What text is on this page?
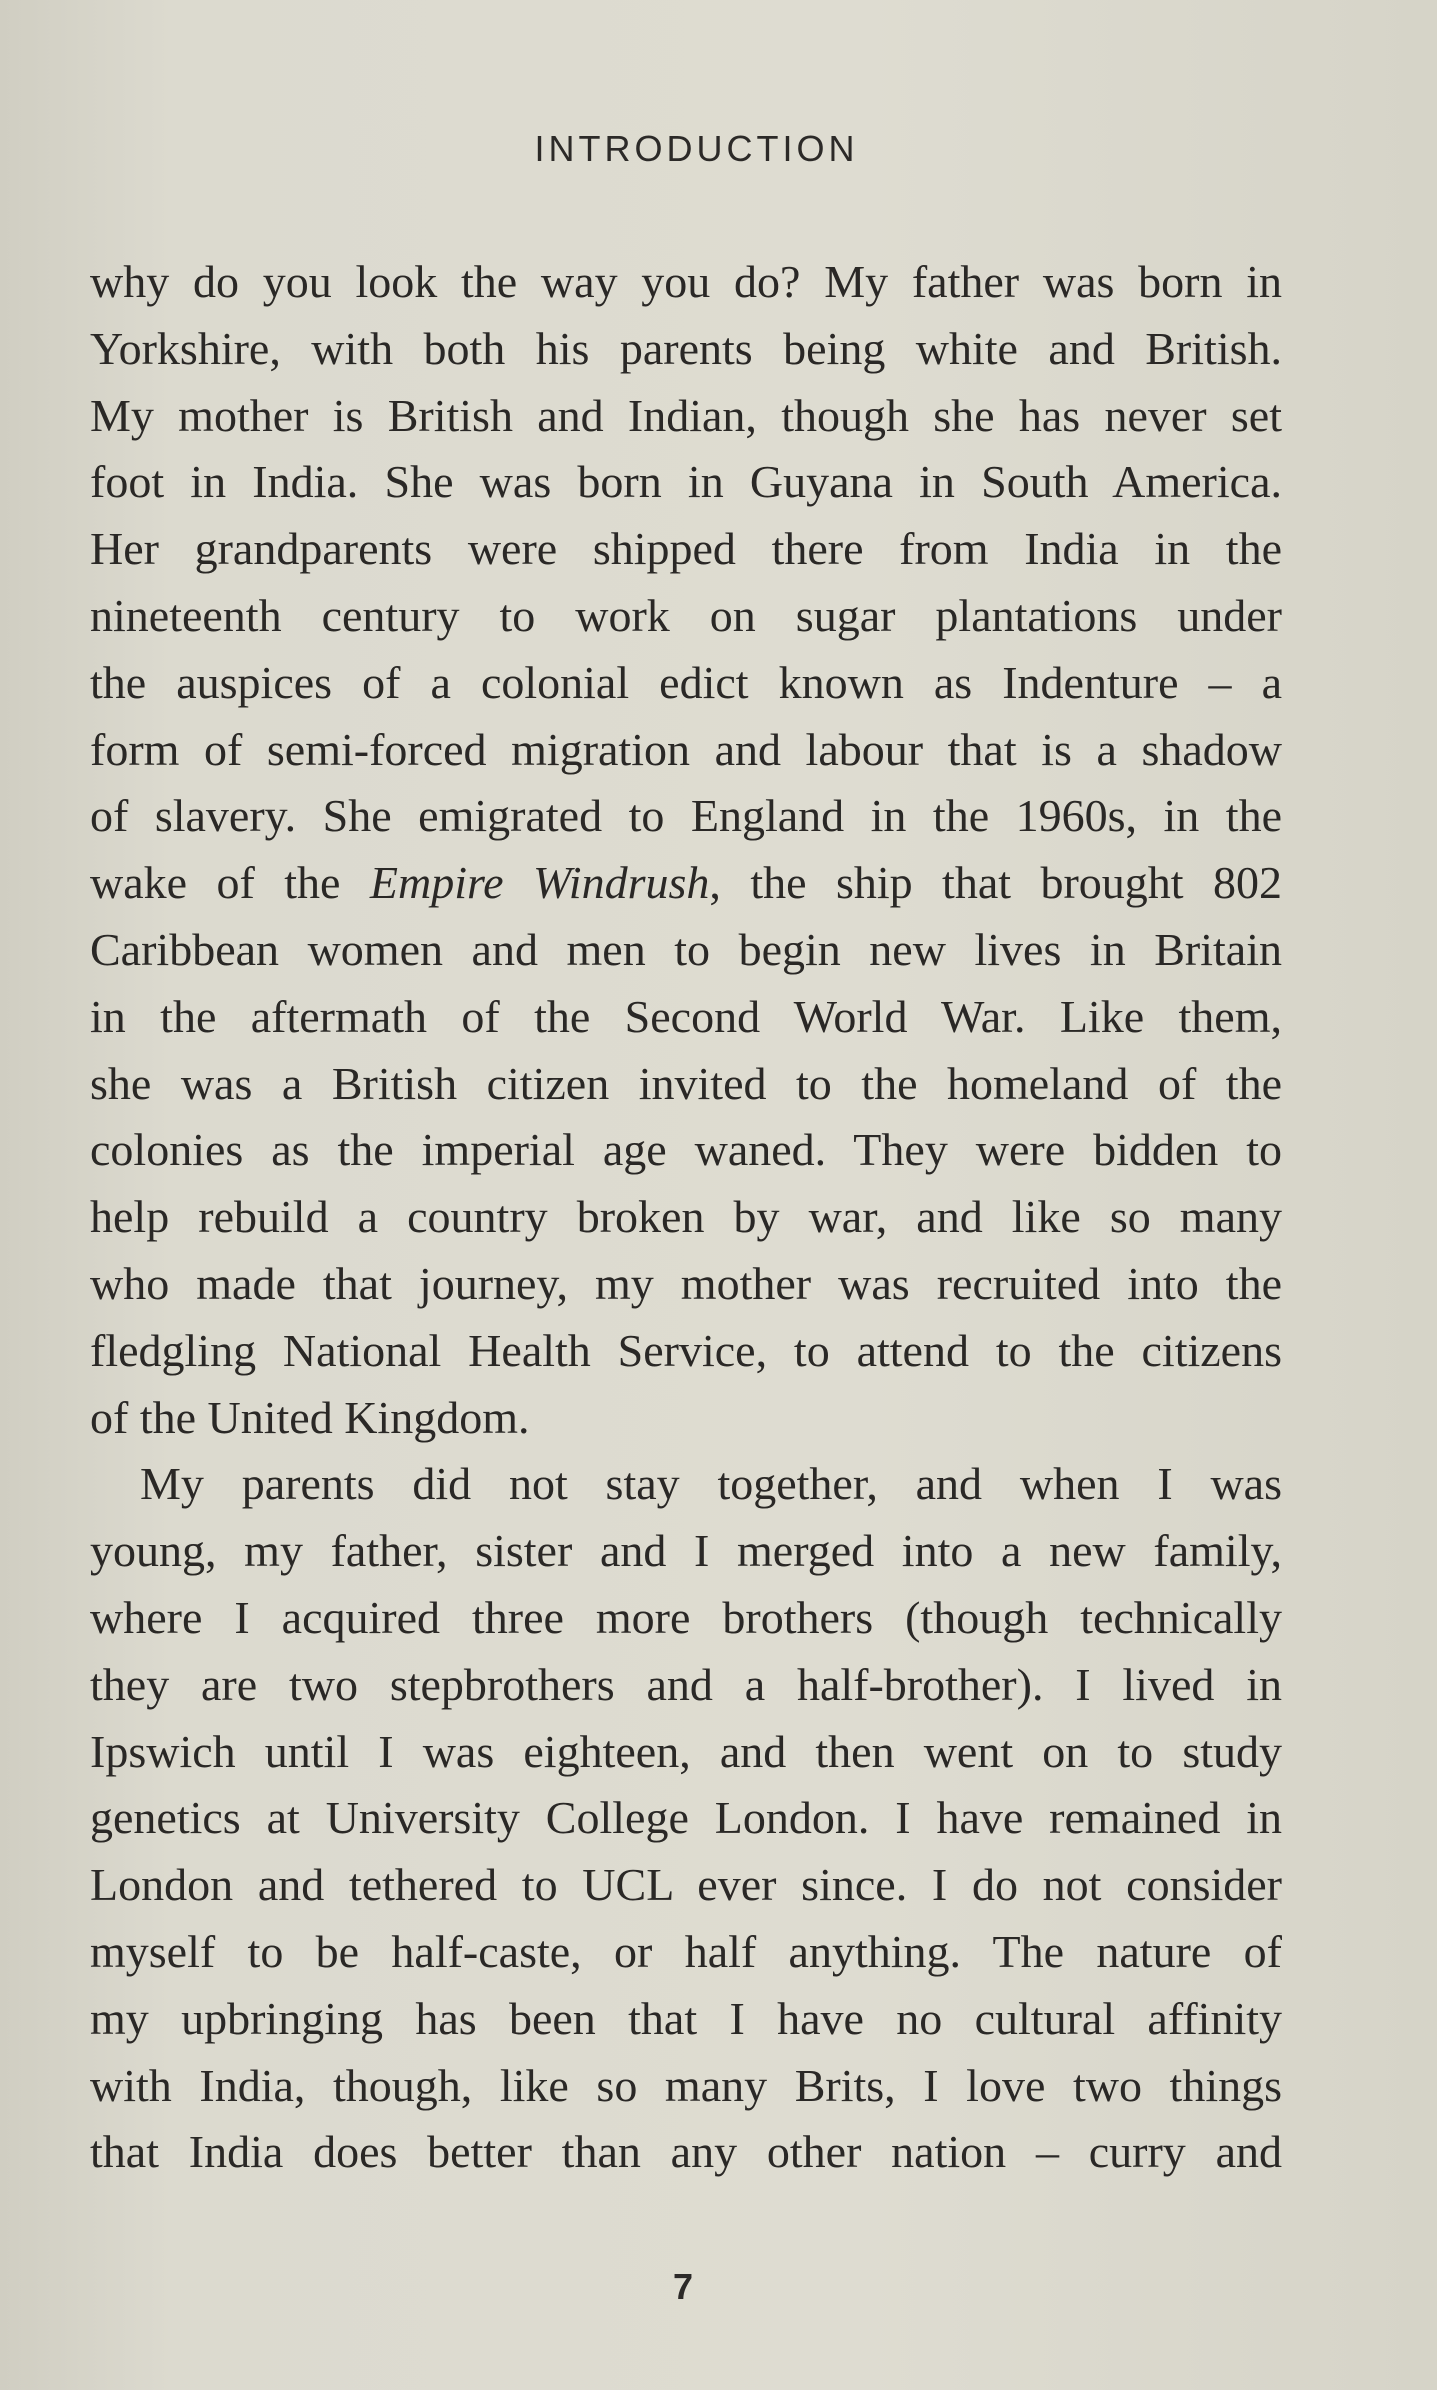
INTRODUCTION
why do you look the way you do? My father was born in
Yorkshire, with both his parents being white and British.
My mother is British and Indian, though she has never set
foot in India. She was born in Guyana in South America.
Her grandparents were shipped there from India in the
nineteenth century to work on sugar plantations under
the auspices of a colonial edict known as Indenture – a
form of semi-forced migration and labour that is a shadow
of slavery. She emigrated to England in the 1960s, in the
wake of the Empire Windrush, the ship that brought 802
Caribbean women and men to begin new lives in Britain
in the aftermath of the Second World War. Like them,
she was a British citizen invited to the homeland of the
colonies as the imperial age waned. They were bidden to
help rebuild a country broken by war, and like so many
who made that journey, my mother was recruited into the
fledgling National Health Service, to attend to the citizens
of the United Kingdom.
My parents did not stay together, and when I was
young, my father, sister and I merged into a new family,
where I acquired three more brothers (though technically
they are two stepbrothers and a half-brother). I lived in
Ipswich until I was eighteen, and then went on to study
genetics at University College London. I have remained in
London and tethered to UCL ever since. I do not consider
myself to be half-caste, or half anything. The nature of
my upbringing has been that I have no cultural affinity
with India, though, like so many Brits, I love two things
that India does better than any other nation – curry and
7
